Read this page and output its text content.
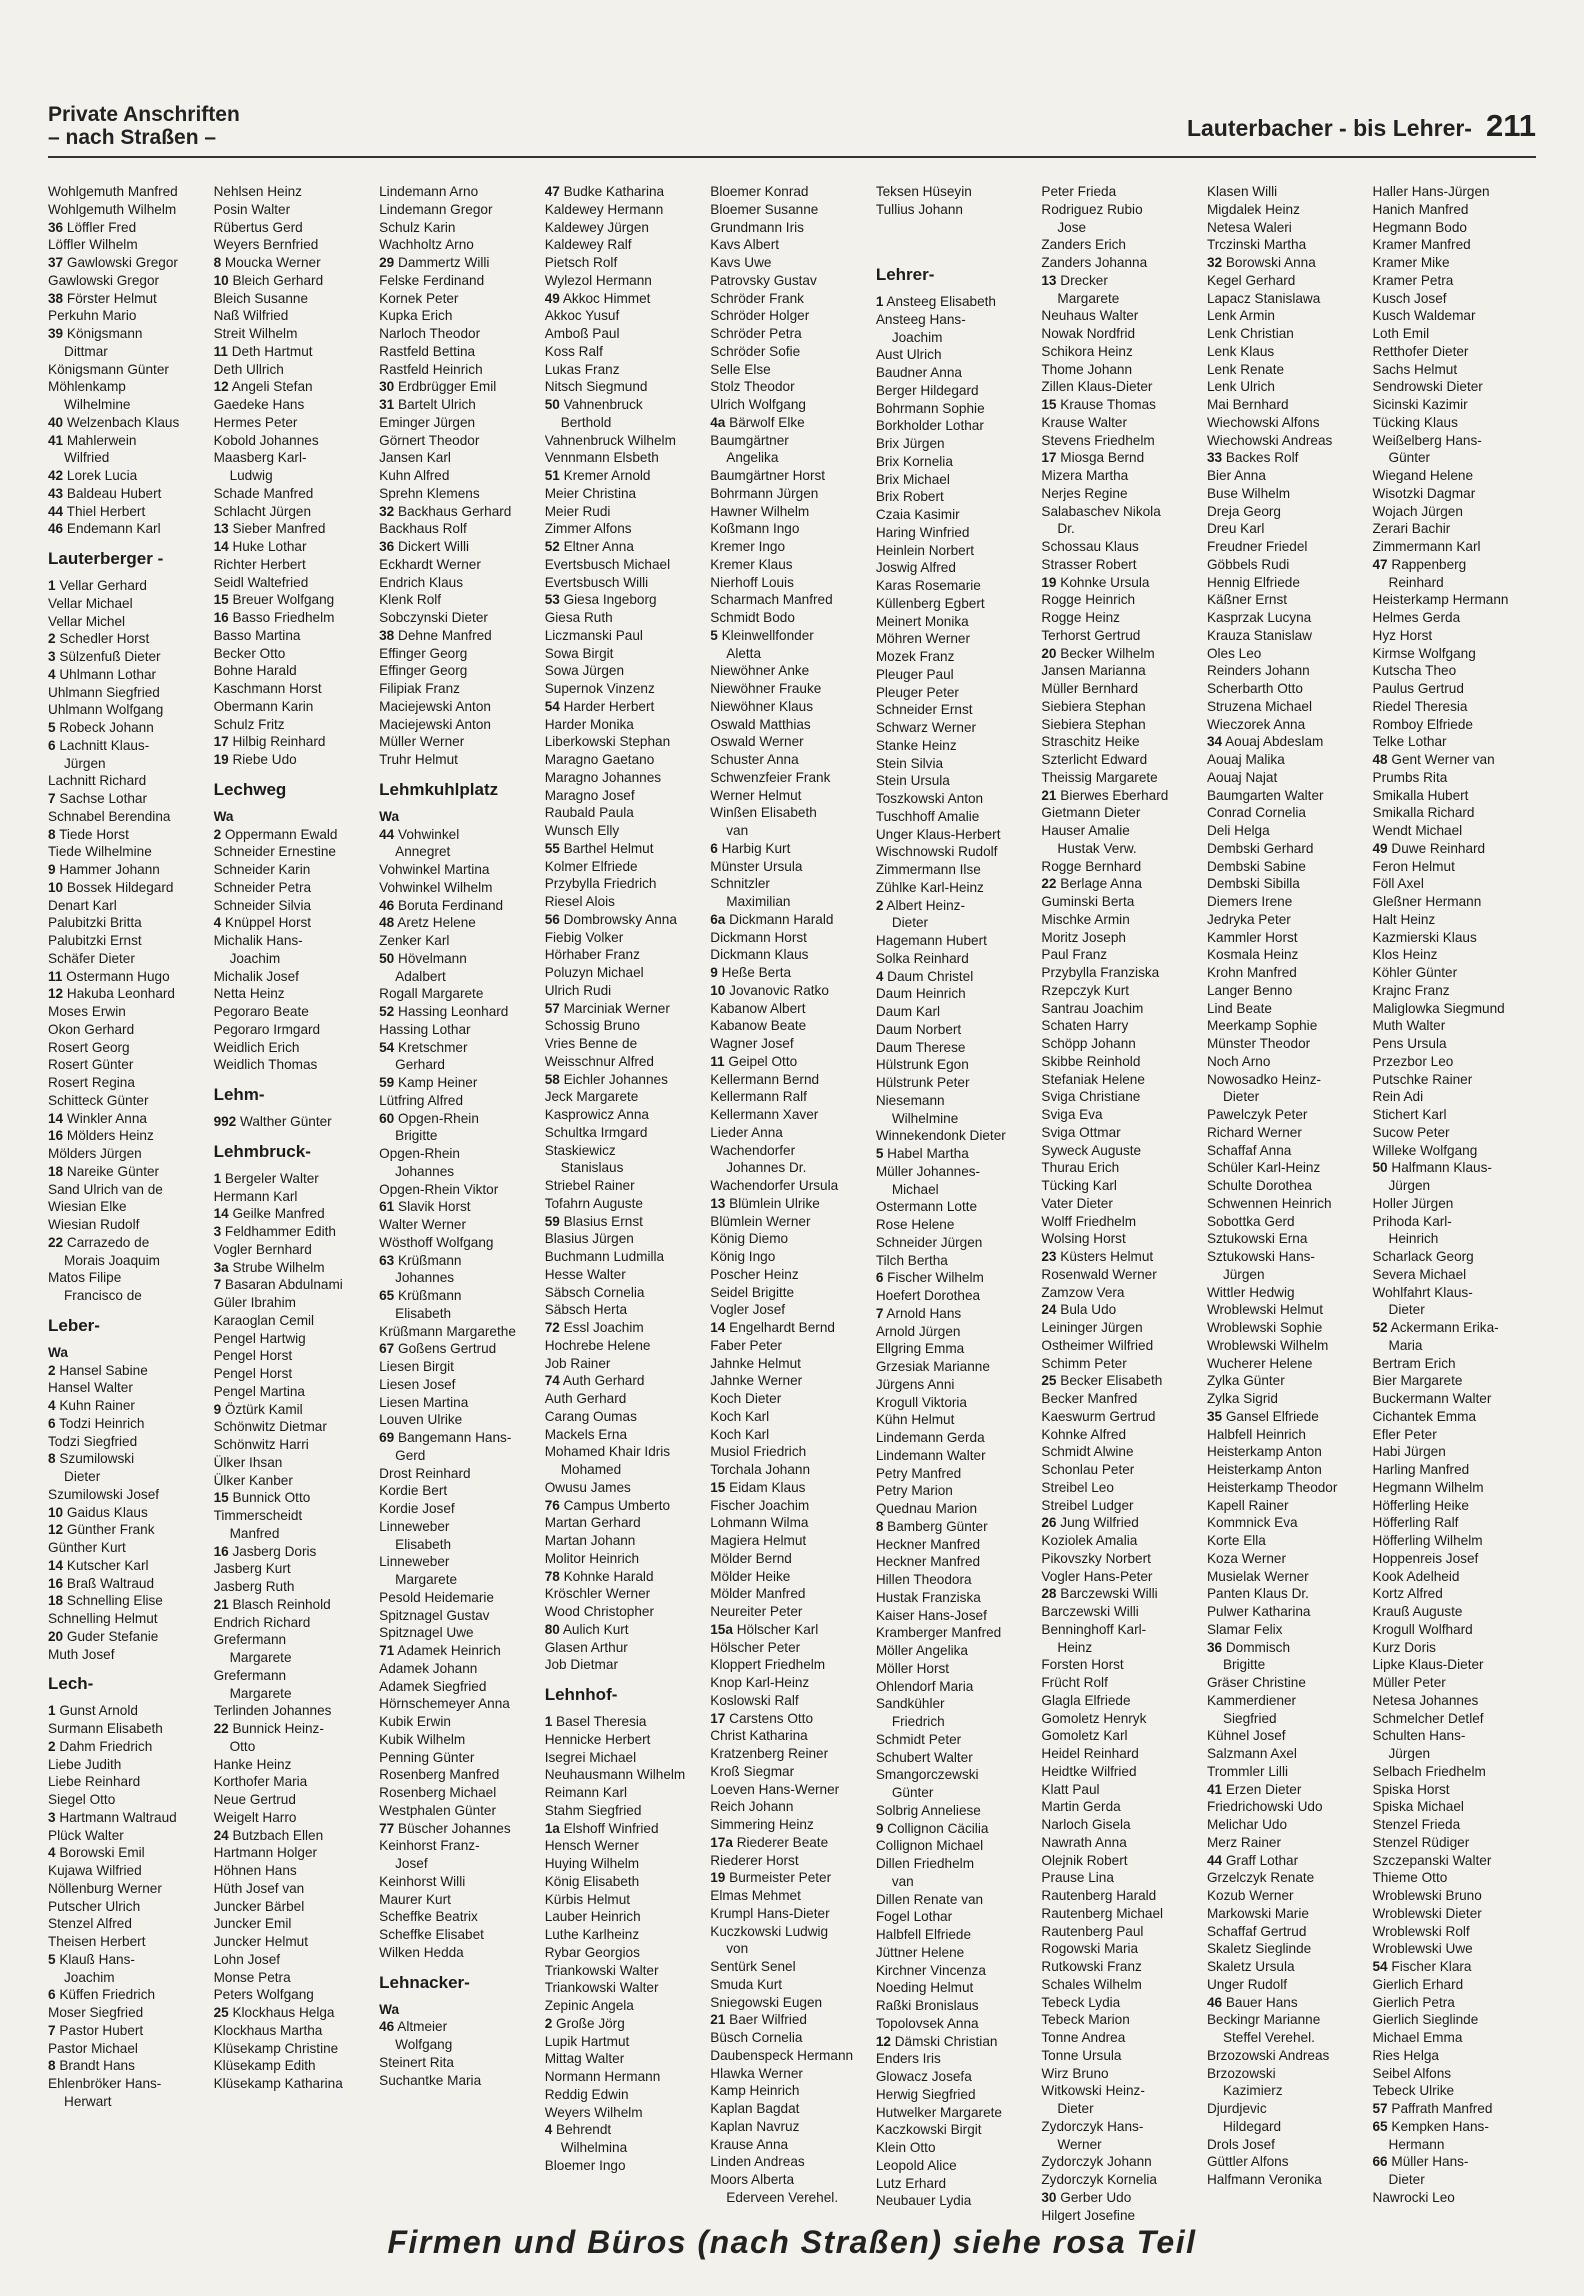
Private Anschriften
– nach Straßen –	Lauterbacher - bis Lehrer- 211
Wohlgemuth Manfred
Wohlgemuth Wilhelm
36 Löffler Fred
Löffler Wilhelm
37 Gawlowski Gregor
Gawlowski Gregor
38 Förster Helmut
Perkuhn Mario
39 Königsmann
Dittmar
Königsmann Günter
Möhlenkamp
Wilhelmine
40 Welzenbach Klaus
41 Mahlerwein
Wilfried
42 Lorek Lucia
43 Baldeau Hubert
44 Thiel Herbert
46 Endemann Karl
Lauterberger -
1 Vellar Gerhard
Vellar Michael
Vellar Michel
2 Schedler Horst
3 Sülzenfuß Dieter
4 Uhlmann Lothar
Uhlmann Siegfried
Uhlmann Wolfgang
5 Robeck Johann
6 Lachnitt Klaus-
Jürgen
Lachnitt Richard
7 Sachse Lothar
Schnabel Berendina
8 Tiede Horst
Tiede Wilhelmine
9 Hammer Johann
10 Bossek Hildegard
Denart Karl
Palubitzki Britta
Palubitzki Ernst
Schäfer Dieter
11 Ostermann Hugo
12 Hakuba Leonhard
Moses Erwin
Okon Gerhard
Rosert Georg
Rosert Günter
Rosert Regina
Schitteck Günter
14 Winkler Anna
16 Mölders Heinz
Mölders Jürgen
18 Nareike Günter
Sand Ulrich van de
Wiesian Elke
Wiesian Rudolf
22 Carrazedo de
Morais Joaquim
Matos Filipe
Francisco de
Leber-
Wa
2 Hansel Sabine
Hansel Walter
4 Kuhn Rainer
6 Todzi Heinrich
Todzi Siegfried
8 Szumilowski
Dieter
Szumilowski Josef
10 Gaidus Klaus
12 Günther Frank
Günther Kurt
14 Kutscher Karl
16 Braß Waltraud
18 Schnelling Elise
Schnelling Helmut
20 Guder Stefanie
Muth Josef
Lech-
1 Gunst Arnold
Surmann Elisabeth
2 Dahm Friedrich
Liebe Judith
Liebe Reinhard
Siegel Otto
3 Hartmann Waltraud
Plück Walter
4 Borowski Emil
Kujawa Wilfried
Nöllenburg Werner
Putscher Ulrich
Stenzel Alfred
Theisen Herbert
5 Klauß Hans-
Joachim
6 Küffen Friedrich
Moser Siegfried
7 Pastor Hubert
Pastor Michael
8 Brandt Hans
Ehlenbröker Hans-
Herwart
Nehlsen Heinz
Posin Walter
Rübertus Gerd
Weyers Bernfried
8 Moucka Werner
10 Bleich Gerhard
Bleich Susanne
Naß Wilfried
Streit Wilhelm
11 Deth Hartmut
Deth Ullrich
12 Angeli Stefan
Gaedeke Hans
Hermes Peter
Kobold Johannes
Maasberg Karl-
Ludwig
Schade Manfred
Schlacht Jürgen
13 Sieber Manfred
14 Huke Lothar
Richter Herbert
Seidl Waltefried
15 Breuer Wolfgang
16 Basso Friedhelm
Basso Martina
Becker Otto
Bohne Harald
Kaschmann Horst
Obermann Karin
Schulz Fritz
17 Hilbig Reinhard
19 Riebe Udo
Lechweg
Wa
2 Oppermann Ewald
Schneider Ernestine
Schneider Karin
Schneider Petra
Schneider Silvia
4 Knüppel Horst
Michalik Hans-
Joachim
Michalik Josef
Netta Heinz
Pegoraro Beate
Pegoraro Irmgard
Weidlich Erich
Weidlich Thomas
Lehm-
992 Walther Günter
Lehmbruck-
1 Bergeler Walter
Hermann Karl
14 Geilke Manfred
3 Feldhammer Edith
Vogler Bernhard
3a Strube Wilhelm
7 Basaran Abdulnami
Güler Ibrahim
Karaoglan Cemil
Pengel Hartwig
Pengel Horst
Pengel Horst
Pengel Martina
9 Öztürk Kamil
Schönwitz Dietmar
Schönwitz Harri
Ülker Ihsan
Ülker Kanber
15 Bunnick Otto
Timmerscheidt
Manfred
16 Jasberg Doris
Jasberg Kurt
Jasberg Ruth
21 Blasch Reinhold
Endrich Richard
Grefermann
Margarete
Grefermann
Margarete
Terlinden Johannes
22 Bunnick Heinz-
Otto
Hanke Heinz
Korthofer Maria
Neue Gertrud
Weigelt Harro
24 Butzbach Ellen
Hartmann Holger
Höhnen Hans
Hüth Josef van
Juncker Bärbel
Juncker Emil
Juncker Helmut
Lohn Josef
Monse Petra
Peters Wolfgang
25 Klockhaus Helga
Klockhaus Martha
Klüsekamp Christine
Klüsekamp Edith
Klüsekamp Katharina
Lindemann Arno
Lindemann Gregor
Schulz Karin
Wachholtz Arno
29 Dammertz Willi
Felske Ferdinand
Kornek Peter
Kupka Erich
Narloch Theodor
Rastfeld Bettina
Rastfeld Heinrich
30 Erdbrügger Emil
31 Bartelt Ulrich
Eminger Jürgen
Görnert Theodor
Jansen Karl
Kuhn Alfred
Sprehn Klemens
32 Backhaus Gerhard
Backhaus Rolf
36 Dickert Willi
Eckhardt Werner
Endrich Klaus
Klenk Rolf
Sobczynski Dieter
38 Dehne Manfred
Effinger Georg
Effinger Georg
Filipiak Franz
Maciejewski Anton
Maciejewski Anton
Müller Werner
Truhr Helmut
Lehmkuhlplatz
Wa
44 Vohwinkel
Annegret
Vohwinkel Martina
Vohwinkel Wilhelm
46 Boruta Ferdinand
48 Aretz Helene
Zenker Karl
50 Hövelmann
Adalbert
Rogall Margarete
52 Hassing Leonhard
Hassing Lothar
54 Kretschmer
Gerhard
59 Kamp Heiner
Lütfring Alfred
60 Opgen-Rhein
Brigitte
Opgen-Rhein
Johannes
Opgen-Rhein Viktor
61 Slavik Horst
Walter Werner
Wösthoff Wolfgang
63 Krüßmann
Johannes
65 Krüßmann
Elisabeth
Krüßmann Margarethe
67 Goßens Gertrud
Liesen Birgit
Liesen Josef
Liesen Martina
Louven Ulrike
69 Bangemann Hans-
Gerd
Drost Reinhard
Kordie Bert
Kordie Josef
Linneweber
Elisabeth
Linneweber
Margarete
Pesold Heidemarie
Spitznagel Gustav
Spitznagel Uwe
71 Adamek Heinrich
Adamek Johann
Adamek Siegfried
Hörnschemeyer Anna
Kubik Erwin
Kubik Wilhelm
Penning Günter
Rosenberg Manfred
Rosenberg Michael
Westphalen Günter
77 Büscher Johannes
Keinhorst Franz-
Josef
Keinhorst Willi
Maurer Kurt
Scheffke Beatrix
Scheffke Elisabet
Wilken Hedda
Lehnacker-
Wa
46 Altmeier
Wolfgang
Steinert Rita
Suchantke Maria
47 Budke Katharina
Kaldewey Hermann
Kaldewey Jürgen
Kaldewey Ralf
Pietsch Rolf
Wylezol Hermann
49 Akkoc Himmet
Akkoc Yusuf
Amboß Paul
Koss Ralf
Lukas Franz
Nitsch Siegmund
50 Vahnenbruck
Berthold
Vahnenbruck Wilhelm
Vennmann Elsbeth
51 Kremer Arnold
Meier Christina
Meier Rudi
Zimmer Alfons
52 Eltner Anna
Evertsbusch Michael
Evertsbusch Willi
53 Giesa Ingeborg
Giesa Ruth
Liczmanski Paul
Sowa Birgit
Sowa Jürgen
Supernok Vinzenz
54 Harder Herbert
Harder Monika
Liberkowski Stephan
Maragno Gaetano
Maragno Johannes
Maragno Josef
Raubald Paula
Wunsch Elly
55 Barthel Helmut
Kolmer Elfriede
Przybylla Friedrich
Riesel Alois
56 Dombrowsky Anna
Fiebig Volker
Hörhaber Franz
Poluzyn Michael
Ulrich Rudi
57 Marciniak Werner
Schossig Bruno
Vries Benne de
Weisschnur Alfred
58 Eichler Johannes
Jeck Margarete
Kasprowicz Anna
Schultka Irmgard
Staskiewicz
Stanislaus
Striebel Rainer
Tofahrn Auguste
59 Blasius Ernst
Blasius Jürgen
Buchmann Ludmilla
Hesse Walter
Säbsch Cornelia
Säbsch Herta
72 Essl Joachim
Hochrebe Helene
Job Rainer
74 Auth Gerhard
Auth Gerhard
Carang Oumas
Mackels Erna
Mohamed Khair Idris
Mohamed
Owusu James
76 Campus Umberto
Martan Gerhard
Martan Johann
Molitor Heinrich
78 Kohnke Harald
Kröschler Werner
Wood Christopher
80 Aulich Kurt
Glasen Arthur
Job Dietmar
Lehnhof-
1 Basel Theresia
Hennicke Herbert
Isegrei Michael
Neuhausmann Wilhelm
Reimann Karl
Stahm Siegfried
1a Elshoff Winfried
Hensch Werner
Huying Wilhelm
König Elisabeth
Kürbis Helmut
Lauber Heinrich
Luthe Karlheinz
Rybar Georgios
Triankowski Walter
Triankowski Walter
Zepinic Angela
2 Große Jörg
Lupik Hartmut
Mittag Walter
Normann Hermann
Reddig Edwin
Weyers Wilhelm
4 Behrendt
Wilhelmina
Bloemer Ingo
Bloemer Konrad
Bloemer Susanne
Grundmann Iris
Kavs Albert
Kavs Uwe
Patrovsky Gustav
Schröder Frank
Schröder Holger
Schröder Petra
Schröder Sofie
Selle Else
Stolz Theodor
Ulrich Wolfgang
4a Bärwolf Elke
Baumgärtner
Angelika
Baumgärtner Horst
Bohrmann Jürgen
Hawner Wilhelm
Koßmann Ingo
Kremer Ingo
Kremer Klaus
Nierhoff Louis
Scharmach Manfred
Schmidt Bodo
5 Kleinwellfonder
Aletta
Niewöhner Anke
Niewöhner Frauke
Niewöhner Klaus
Oswald Matthias
Oswald Werner
Schuster Anna
Schwenzfeier Frank
Werner Helmut
Winßen Elisabeth
van
6 Harbig Kurt
Münster Ursula
Schnitzler
Maximilian
6a Dickmann Harald
Dickmann Horst
Dickmann Klaus
9 Heße Berta
10 Jovanovic Ratko
Kabanow Albert
Kabanow Beate
Wagner Josef
11 Geipel Otto
Kellermann Bernd
Kellermann Ralf
Kellermann Xaver
Lieder Anna
Wachendorfer
Johannes Dr.
Wachendorfer Ursula
13 Blümlein Ulrike
Blümlein Werner
König Diemo
König Ingo
Poscher Heinz
Seidel Brigitte
Vogler Josef
14 Engelhardt Bernd
Faber Peter
Jahnke Helmut
Jahnke Werner
Koch Dieter
Koch Karl
Koch Karl
Musiol Friedrich
Torchala Johann
15 Eidam Klaus
Fischer Joachim
Lohmann Wilma
Magiera Helmut
Mölder Bernd
Mölder Heike
Mölder Manfred
Neureiter Peter
15a Hölscher Karl
Hölscher Peter
Kloppert Friedhelm
Knop Karl-Heinz
Koslowski Ralf
17 Carstens Otto
Christ Katharina
Kratzenberg Reiner
Kroß Siegmar
Loeven Hans-Werner
Reich Johann
Simmering Heinz
17a Riederer Beate
Riederer Horst
19 Burmeister Peter
Elmas Mehmet
Krumpl Hans-Dieter
Kuczkowski Ludwig
von
Sentürk Senel
Smuda Kurt
Sniegowski Eugen
21 Baer Wilfried
Büsch Cornelia
Daubenspeck Hermann
Hlawka Werner
Kamp Heinrich
Kaplan Bagdat
Kaplan Navruz
Krause Anna
Linden Andreas
Moors Alberta
Ederveen Verehel.
Teksen Hüseyin
Tullius Johann

Lehrer-
1 Ansteeg Elisabeth
Ansteeg Hans-
Joachim
Aust Ulrich
Baudner Anna
Berger Hildegard
Bohrmann Sophie
Borkholder Lothar
Brix Jürgen
Brix Kornelia
Brix Michael
Brix Robert
Czaia Kasimir
Haring Winfried
Heinlein Norbert
Joswig Alfred
Karas Rosemarie
Küllenberg Egbert
Meinert Monika
Möhren Werner
Mozek Franz
Pleuger Paul
Pleuger Peter
Schneider Ernst
Schwarz Werner
Stanke Heinz
Stein Silvia
Stein Ursula
Toszkowski Anton
Tuschhoff Amalie
Unger Klaus-Herbert
Wischnowski Rudolf
Zimmermann Ilse
Zühlke Karl-Heinz
2 Albert Heinz-
Dieter
Hagemann Hubert
Solka Reinhard
4 Daum Christel
Daum Heinrich
Daum Karl
Daum Norbert
Daum Therese
Hülstrunk Egon
Hülstrunk Peter
Niesemann
Wilhelmine
Winnekendonk Dieter
5 Habel Martha
Müller Johannes-
Michael
Ostermann Lotte
Rose Helene
Schneider Jürgen
Tilch Bertha
6 Fischer Wilhelm
Hoefert Dorothea
7 Arnold Hans
Arnold Jürgen
Ellgring Emma
Grzesiak Marianne
Jürgens Anni
Krogull Viktoria
Kühn Helmut
Lindemann Gerda
Lindemann Walter
Petry Manfred
Petry Marion
Quednau Marion
8 Bamberg Günter
Heckner Manfred
Heckner Manfred
Hillen Theodora
Hustak Franziska
Kaiser Hans-Josef
Kramberger Manfred
Möller Angelika
Möller Horst
Ohlendorf Maria
Sandkühler
Friedrich
Schmidt Peter
Schubert Walter
Smangorczewski
Günter
Solbrig Anneliese
9 Collignon Cäcilia
Collignon Michael
Dillen Friedhelm
van
Dillen Renate van
Fogel Lothar
Halbfell Elfriede
Jüttner Helene
Kirchner Vincenza
Noeding Helmut
Raßki Bronislaus
Topolovsek Anna
12 Dämski Christian
Enders Iris
Glowacz Josefa
Herwig Siegfried
Hutwelker Margarete
Kaczkowski Birgit
Klein Otto
Leopold Alice
Lutz Erhard
Neubauer Lydia
Peter Frieda
Rodriguez Rubio
Jose
Zanders Erich
Zanders Johanna
13 Drecker
Margarete
Neuhaus Walter
Nowak Nordfrid
Schikora Heinz
Thome Johann
Zillen Klaus-Dieter
15 Krause Thomas
Krause Walter
Stevens Friedhelm
17 Miosga Bernd
Mizera Martha
Nerjes Regine
Salabaschev Nikola
Dr.
Schossau Klaus
Strasser Robert
19 Kohnke Ursula
Rogge Heinrich
Rogge Heinz
Terhorst Gertrud
20 Becker Wilhelm
Jansen Marianna
Müller Bernhard
Siebiera Stephan
Siebiera Stephan
Straschitz Heike
Szterlicht Edward
Theissig Margarete
21 Bierwes Eberhard
Gietmann Dieter
Hauser Amalie
Hustak Verw.
Rogge Bernhard
22 Berlage Anna
Guminski Berta
Mischke Armin
Moritz Joseph
Paul Franz
Przybylla Franziska
Rzepczyk Kurt
Santrau Joachim
Schaten Harry
Schöpp Johann
Skibbe Reinhold
Stefaniak Helene
Sviga Christiane
Sviga Eva
Sviga Ottmar
Syweck Auguste
Thurau Erich
Tücking Karl
Vater Dieter
Wolff Friedhelm
Wolsing Horst
23 Küsters Helmut
Rosenwald Werner
Zamzow Vera
24 Bula Udo
Leininger Jürgen
Ostheimer Wilfried
Schimm Peter
25 Becker Elisabeth
Becker Manfred
Kaeswurm Gertrud
Kohnke Alfred
Schmidt Alwine
Schonlau Peter
Streibel Leo
Streibel Ludger
26 Jung Wilfried
Koziolek Amalia
Pikovszky Norbert
Vogler Hans-Peter
28 Barczewski Willi
Barczewski Willi
Benninghoff Karl-
Heinz
Forsten Horst
Frücht Rolf
Glagla Elfriede
Gomoletz Henryk
Gomoletz Karl
Heidel Reinhard
Heidtke Wilfried
Klatt Paul
Martin Gerda
Narloch Gisela
Nawrath Anna
Olejnik Robert
Prause Lina
Rautenberg Harald
Rautenberg Michael
Rautenberg Paul
Rogowski Maria
Rutkowski Franz
Schales Wilhelm
Tebeck Lydia
Tebeck Marion
Tonne Andrea
Tonne Ursula
Wirz Bruno
Witkowski Heinz-
Dieter
Zydorczyk Hans-
Werner
Zydorczyk Johann
Zydorczyk Kornelia
30 Gerber Udo
Hilgert Josefine
Klasen Willi
Migdalek Heinz
Netesa Waleri
Trczinski Martha
32 Borowski Anna
Kegel Gerhard
Lapacz Stanislawa
Lenk Armin
Lenk Christian
Lenk Klaus
Lenk Renate
Lenk Ulrich
Mai Bernhard
Wiechowski Alfons
Wiechowski Andreas
33 Backes Rolf
Bier Anna
Buse Wilhelm
Dreja Georg
Dreu Karl
Freudner Friedel
Göbbels Rudi
Hennig Elfriede
Käßner Ernst
Kasprzak Lucyna
Krauza Stanislaw
Oles Leo
Reinders Johann
Scherbarth Otto
Struzena Michael
Wieczorek Anna
34 Aouaj Abdeslam
Aouaj Malika
Aouaj Najat
Baumgarten Walter
Conrad Cornelia
Deli Helga
Dembski Gerhard
Dembski Sabine
Dembski Sibilla
Diemers Irene
Jedryka Peter
Kammler Horst
Kosmala Heinz
Krohn Manfred
Langer Benno
Lind Beate
Meerkamp Sophie
Münster Theodor
Noch Arno
Nowosadko Heinz-
Dieter
Pawelczyk Peter
Richard Werner
Schaffaf Anna
Schüler Karl-Heinz
Schulte Dorothea
Schwennen Heinrich
Sobottka Gerd
Sztukowski Erna
Sztukowski Hans-
Jürgen
Wittler Hedwig
Wroblewski Helmut
Wroblewski Sophie
Wroblewski Wilhelm
Wucherer Helene
Zylka Günter
Zylka Sigrid
35 Gansel Elfriede
Halbfell Heinrich
Heisterkamp Anton
Heisterkamp Anton
Heisterkamp Theodor
Kapell Rainer
Kommnick Eva
Korte Ella
Koza Werner
Musielak Werner
Panten Klaus Dr.
Pulwer Katharina
Slamar Felix
36 Dommisch
Brigitte
Gräser Christine
Kammerdiener
Siegfried
Kühnel Josef
Salzmann Axel
Trommler Lilli
41 Erzen Dieter
Friedrichowski Udo
Melichar Udo
Merz Rainer
44 Graff Lothar
Grzelczyk Renate
Kozub Werner
Markowski Marie
Schaffaf Gertrud
Skaletz Sieglinde
Skaletz Ursula
Unger Rudolf
46 Bauer Hans
Beckingr Marianne
Steffel Verehel.
Brzozowski Andreas
Brzozowski
Kazimierz
Djurdjevic
Hildegard
Drols Josef
Güttler Alfons
Halfmann Veronika
Haller Hans-Jürgen
Hanich Manfred
Hegmann Bodo
Kramer Manfred
Kramer Mike
Kramer Petra
Kusch Josef
Kusch Waldemar
Loth Emil
Retthofer Dieter
Sachs Helmut
Sendrowski Dieter
Sicinski Kazimir
Tücking Klaus
Weißelberg Hans-
Günter
Wiegand Helene
Wisotzki Dagmar
Wojach Jürgen
Zerari Bachir
Zimmermann Karl
47 Rappenberg
Reinhard
Heisterkamp Hermann
Helmes Gerda
Hyz Horst
Kirmse Wolfgang
Kutscha Theo
Paulus Gertrud
Riedel Theresia
Romboy Elfriede
Telke Lothar
48 Gent Werner van
Prumbs Rita
Smikalla Hubert
Smikalla Richard
Wendt Michael
49 Duwe Reinhard
Feron Helmut
Föll Axel
Gleßner Hermann
Halt Heinz
Kazmierski Klaus
Klos Heinz
Köhler Günter
Krajnc Franz
Maliglowka Siegmund
Muth Walter
Pens Ursula
Przezbor Leo
Putschke Rainer
Rein Adi
Stichert Karl
Sucow Peter
Willeke Wolfgang
50 Halfmann Klaus-
Jürgen
Holler Jürgen
Prihoda Karl-
Heinrich
Scharlack Georg
Severa Michael
Wohlfahrt Klaus-
Dieter
52 Ackermann Erika-
Maria
Bertram Erich
Bier Margarete
Buckermann Walter
Cichantek Emma
Efler Peter
Habi Jürgen
Harling Manfred
Hegmann Wilhelm
Höfferling Heike
Höfferling Ralf
Höfferling Wilhelm
Hoppenreis Josef
Kook Adelheid
Kortz Alfred
Krauß Auguste
Krogull Wolfhard
Kurz Doris
Lipke Klaus-Dieter
Müller Peter
Netesa Johannes
Schmelcher Detlef
Schulten Hans-
Jürgen
Selbach Friedhelm
Spiska Horst
Spiska Michael
Stenzel Frieda
Stenzel Rüdiger
Szczepanski Walter
Thieme Otto
Wroblewski Bruno
Wroblewski Dieter
Wroblewski Rolf
Wroblewski Uwe
54 Fischer Klara
Gierlich Erhard
Gierlich Petra
Gierlich Sieglinde
Michael Emma
Ries Helga
Seibel Alfons
Tebeck Ulrike
57 Paffrath Manfred
65 Kempken Hans-
Hermann
66 Müller Hans-
Dieter
Nawrocki Leo
Firmen und Büros (nach Straßen) siehe rosa Teil
